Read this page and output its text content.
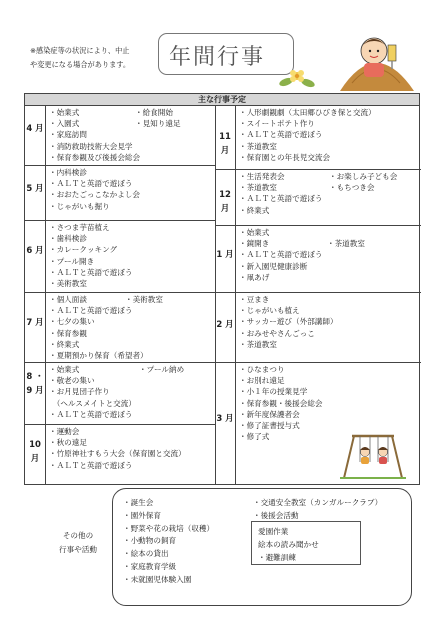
※感染症等の状況により、中止
や変更になる場合があります。	年間行事
主な行事予定
4 月
5 月
6 月
7 月
8 ・ 9 月
10 月
11 月
12 月
1 月
2 月
3 月
・始業式
・入園式
・家庭訪問
・消防救助技術大会見学
・保育参観及び後援会総会
・給食開始
・見知り遠足
・内科検診
・ＡＬＴと英語で遊ぼう
・おおたごっこなかよし会
・じゃがいも掘り
・さつま芋苗植え
・歯科検診
・カレークッキング
・プール開き
・ＡＬＴと英語で遊ぼう
・美術教室
・個人面談
・ＡＬＴと英語で遊ぼう
・七夕の集い
・保育参観
・終業式
・夏期預かり保育（希望者）
・美術教室
・始業式
・敬老の集い
・お月見団子作り
　（ヘルスメイトと交流）
・ＡＬＴと英語で遊ぼう
・プール納め
・運動会
・秋の遠足
・竹原神社すもう大会（保育園と交流）
・ＡＬＴと英語で遊ぼう
・人形劇観劇（太田郷ひびき保と交流）
・スイートポテト作り
・ＡＬＴと英語で遊ぼう
・茶道教室
・保育園との年長児交流会
・生活発表会
・茶道教室
・ＡＬＴと英語で遊ぼう
・終業式
・お楽しみ子ども会
・もちつき会
・始業式
・鏡開き
・ＡＬＴと英語で遊ぼう
・新入園児健康診断
・凧あげ
・茶道教室
・豆まき
・じゃがいも植え
・サッカー遊び（外部講師）
・おみせやさんごっこ
・茶道教室
・ひなまつり
・お別れ遠足
・小１年の授業見学
・保育参観・後援会総会
・新年度保護者会
・修了証書授与式
・修了式
その他の
行事や活動
・誕生会
・園外保育
・野菜や花の栽培（収穫）
・小動物の飼育
・絵本の貸出
・家庭教育学級
・未就園児体験入園
・交通安全教室（カンガルークラブ）
・後援会活動
愛園作業
絵本の読み聞かせ
・避難訓練
